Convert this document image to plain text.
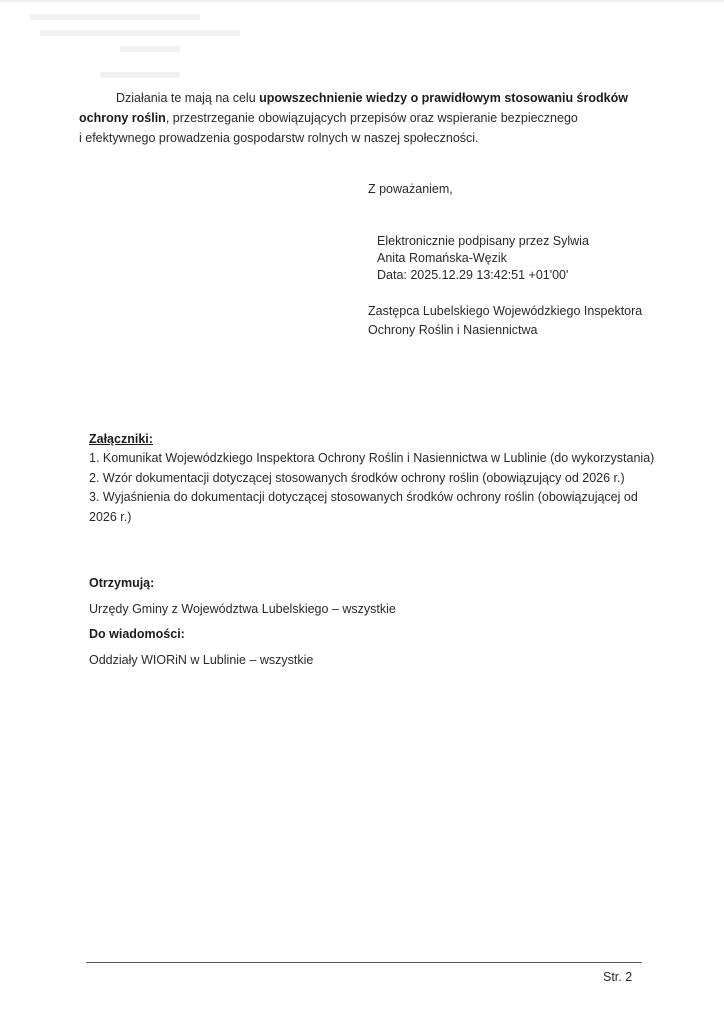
Działania te mają na celu upowszechnienie wiedzy o prawidłowym stosowaniu środków
ochrony roślin, przestrzeganie obowiązujących przepisów oraz wspieranie bezpiecznego
i efektywnego prowadzenia gospodarstw rolnych w naszej społeczności.
Z poważaniem,
Elektronicznie podpisany przez Sylwia
Anita Romańska-Węzik
Data: 2025.12.29 13:42:51 +01'00'
Zastępca Lubelskiego Wojewódzkiego Inspektora
Ochrony Roślin i Nasiennictwa
Załączniki:
1. Komunikat Wojewódzkiego Inspektora Ochrony Roślin i Nasiennictwa w Lublinie (do wykorzystania)
2. Wzór dokumentacji dotyczącej stosowanych środków ochrony roślin (obowiązujący od 2026 r.)
3. Wyjaśnienia do dokumentacji dotyczącej stosowanych środków ochrony roślin (obowiązującej od
2026 r.)
Otrzymują:
Urzędy Gminy z Województwa Lubelskiego – wszystkie
Do wiadomości:
Oddziały WIORiN w Lublinie – wszystkie
Str. 2
